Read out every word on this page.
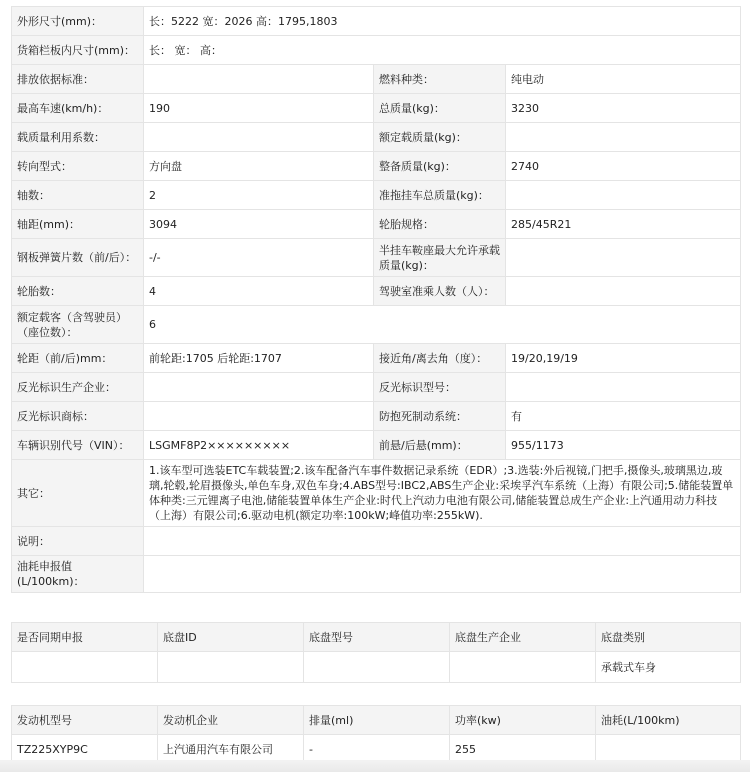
外形尺寸(mm)：	长：5222 宽：2026 高：1795,1803		
货箱栏板内尺寸(mm)：	长： 宽： 高：		
排放依据标准：		燃料种类：	纯电动
最高车速(km/h)：	190	总质量(kg)：	3230
载质量利用系数：		额定载质量(kg)：	
转向型式：	方向盘	整备质量(kg)：	2740
轴数：	2	准拖挂车总质量(kg)：	
轴距(mm)：	3094	轮胎规格：	285/45R21
钢板弹簧片数（前/后）：	-/-	半挂车鞍座最大允许承载质量(kg)：	
轮胎数：	4	驾驶室准乘人数（人）：	
额定载客（含驾驶员）（座位数）：	6		
轮距（前/后)mm：	前轮距:1705 后轮距:1707	接近角/离去角（度）：	19/20,19/19
反光标识生产企业：		反光标识型号：	
反光标识商标：		防抱死制动系统：	有
车辆识别代号（VIN）：	LSGMF8P2×××××××××	前悬/后悬(mm)：	955/1173
其它：	1.该车型可选装ETC车载装置;2.该车配备汽车事件数据记录系统（EDR）;3.选装:外后视镜,门把手,摄像头,玻璃黑边,玻璃,轮毂,轮眉摄像头,单色车身,双色车身;4.ABS型号:IBC2,ABS生产企业:采埃孚汽车系统（上海）有限公司;5.储能装置单体种类:三元锂离子电池,储能装置单体生产企业:时代上汽动力电池有限公司,储能装置总成生产企业:上汽通用动力科技（上海）有限公司;6.驱动电机(额定功率:100kW;峰值功率:255kW).		
说明：			
油耗申报值(L/100km)：			
是否同期申报	底盘ID	底盘型号	底盘生产企业	底盘类别
				承载式车身
发动机型号	发动机企业	排量(ml)	功率(kw)	油耗(L/100km)
TZ225XYP9C	上汽通用汽车有限公司	-	255	
